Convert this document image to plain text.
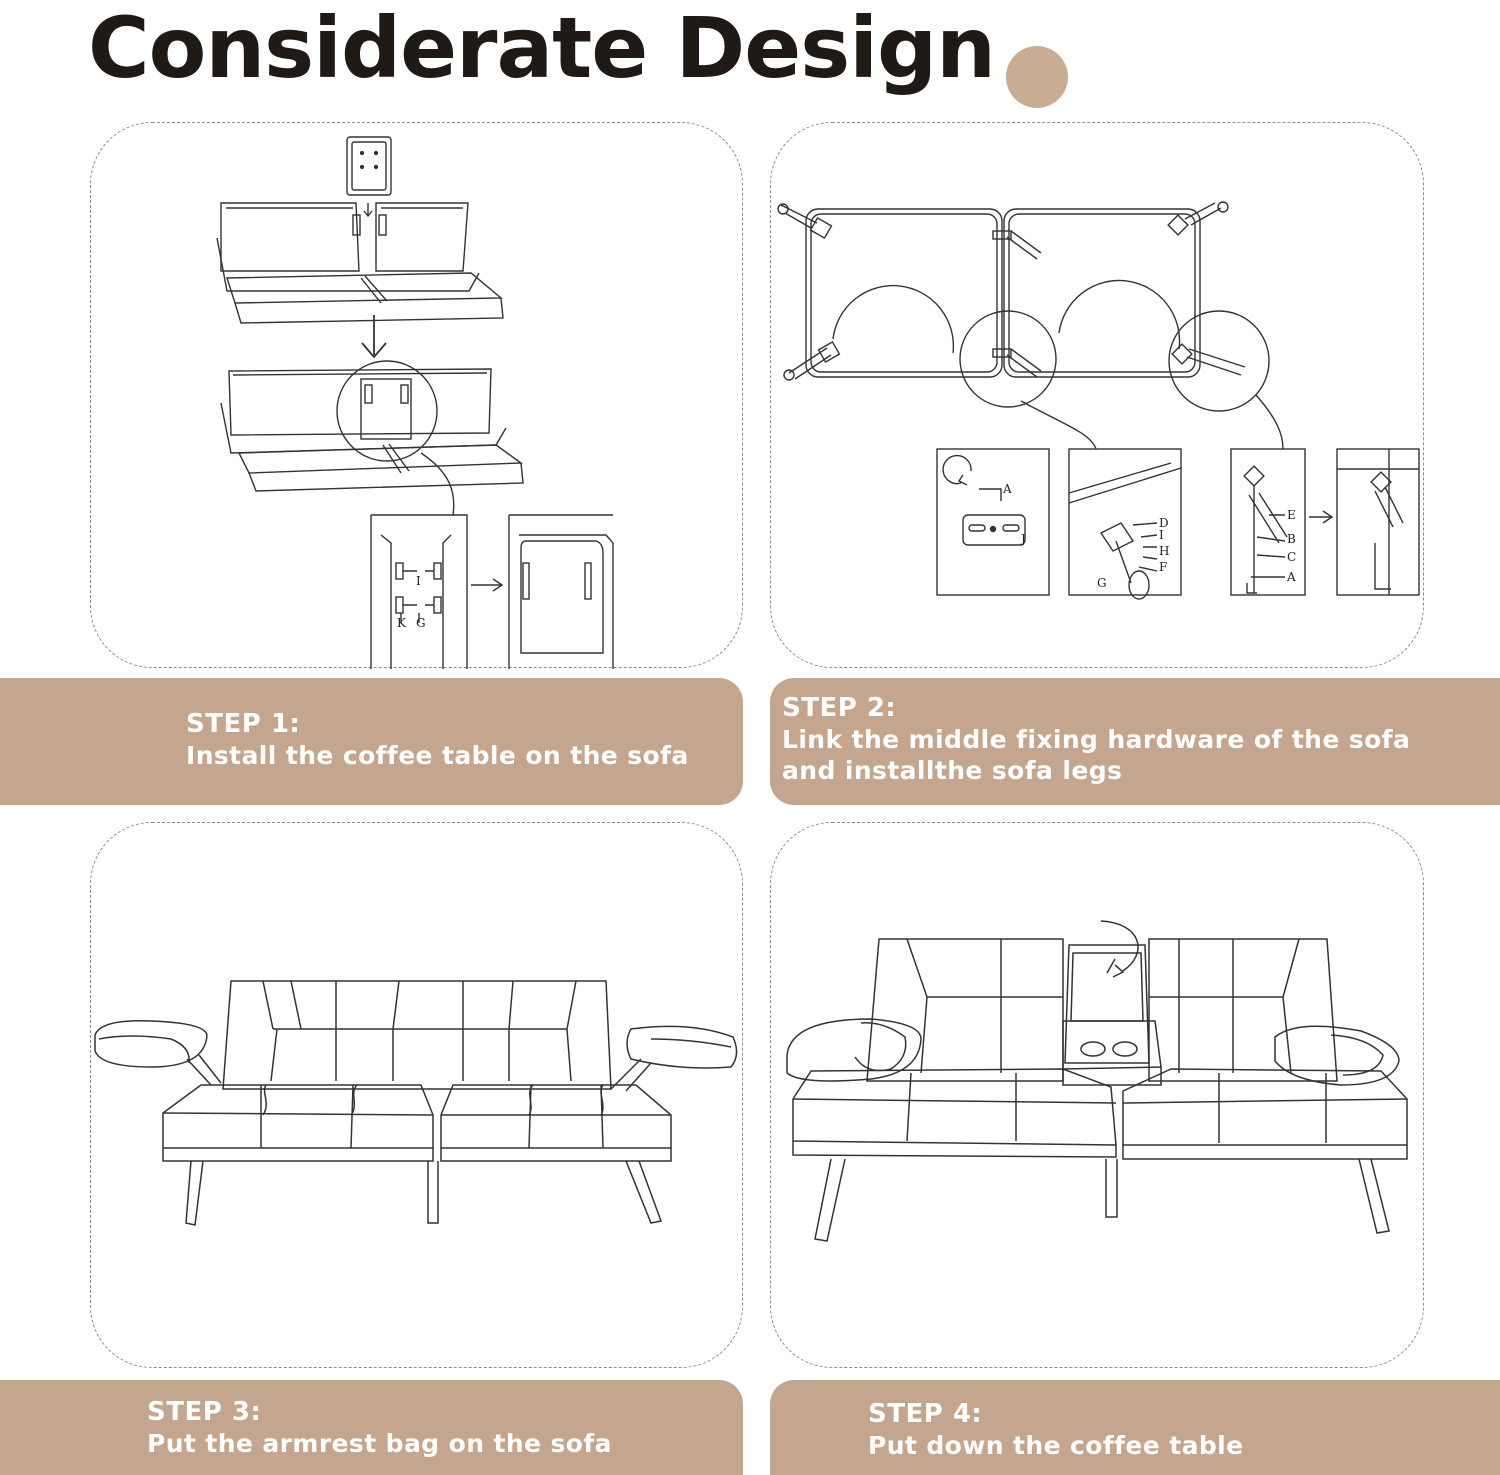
Considerate Design
I
K G
A
J
D
I
H
F
G
E
B
C
A
STEP 1:
Install the coffee table on the sofa
STEP 2:
Link the middle fixing hardware of the sofa and installthe sofa legs
STEP 3:
Put the armrest bag on the sofa
STEP 4:
Put down the coffee table
